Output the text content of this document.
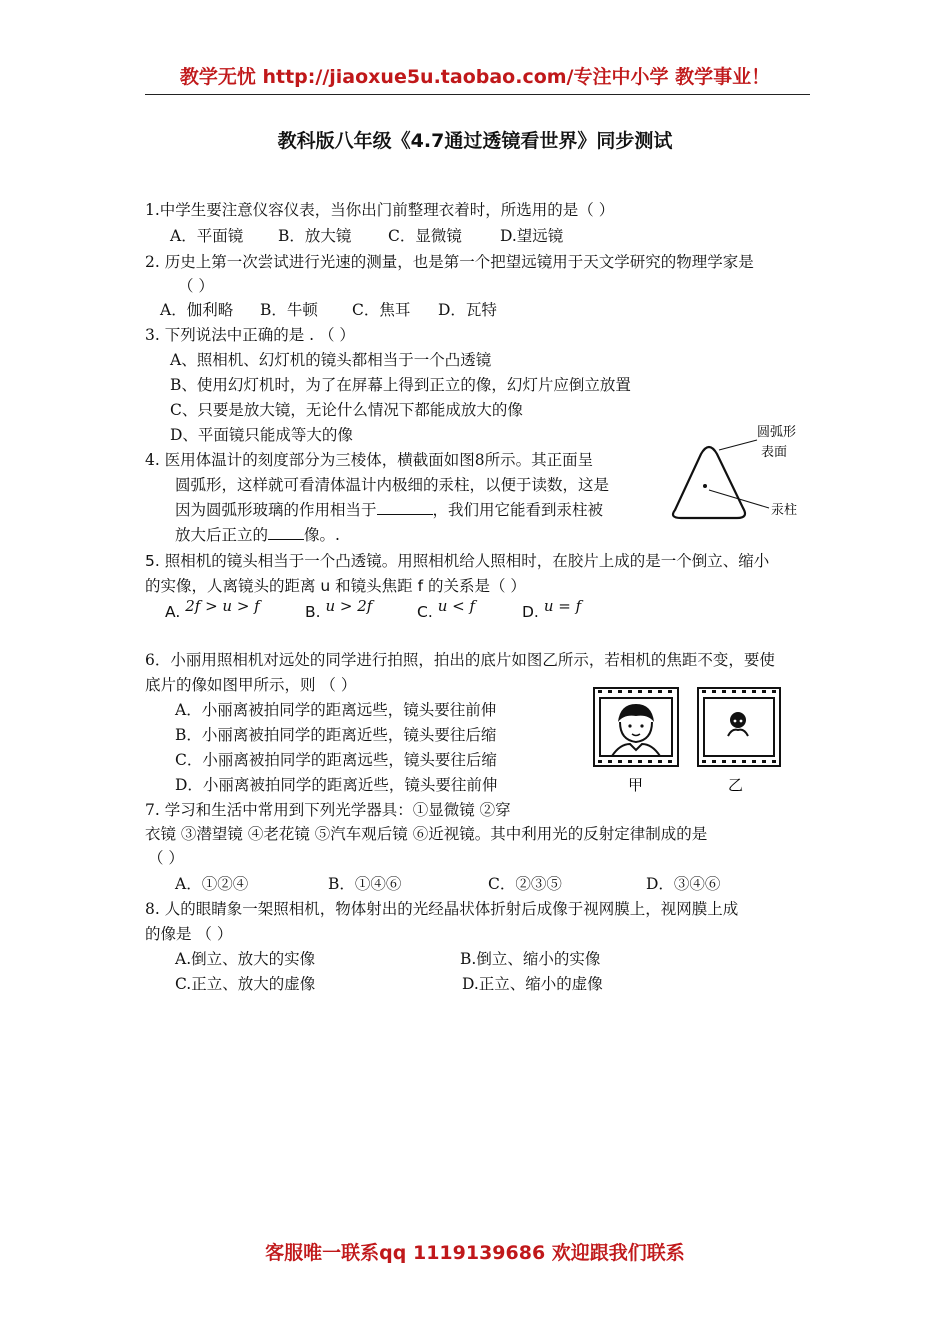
教学无忧 http://jiaoxue5u.taobao.com/专注中小学 教学事业！
教科版八年级《4.7通过透镜看世界》同步测试
1.中学生要注意仪容仪表，当你出门前整理衣着时，所选用的是（ ）
A．平面镜 B．放大镜 C．显微镜 D.望远镜
2. 历史上第一次尝试进行光速的测量，也是第一个把望远镜用于天文学研究的物理学家是
（ ）
A．伽利略 B．牛顿 C．焦耳 D．瓦特
3. 下列说法中正确的是 . （ ）
A、照相机、幻灯机的镜头都相当于一个凸透镜
B、使用幻灯机时，为了在屏幕上得到正立的像，幻灯片应倒立放置
C、只要是放大镜，无论什么情况下都能成放大的像
D、平面镜只能成等大的像
4. 医用体温计的刻度部分为三棱体，横截面如图8所示。其正面呈
圆弧形，这样就可看清体温计内极细的汞柱，以便于读数，这是
因为圆弧形玻璃的作用相当于	，我们用它能看到汞柱被
放大后正立的 像。.
圆弧形
表面
汞柱
5. 照相机的镜头相当于一个凸透镜。用照相机给人照相时，在胶片上成的是一个倒立、缩小
的实像，人离镜头的距离 u 和镜头焦距 f 的关系是（ ）
A. 2f > u > f	B. u > 2f	C. u < f	D. u = f
6．小丽用照相机对远处的同学进行拍照，拍出的底片如图乙所示，若相机的焦距不变，要使
底片的像如图甲所示，则 （ ）
A．小丽离被拍同学的距离远些，镜头要往前伸
B．小丽离被拍同学的距离近些，镜头要往后缩
C．小丽离被拍同学的距离远些，镜头要往后缩
D．小丽离被拍同学的距离近些，镜头要往前伸	甲	乙
7. 学习和生活中常用到下列光学器具：①显微镜 ②穿
衣镜 ③潜望镜 ④老花镜 ⑤汽车观后镜 ⑥近视镜。其中利用光的反射定律制成的是
（ ）
A．①②④	B．①④⑥	C．②③⑤	D．③④⑥
8. 人的眼睛象一架照相机，物体射出的光经晶状体折射后成像于视网膜上，视网膜上成
的像是 （ ）
A.倒立、放大的实像	B.倒立、缩小的实像
C.正立、放大的虚像	D.正立、缩小的虚像
客服唯一联系qq 1119139686 欢迎跟我们联系
